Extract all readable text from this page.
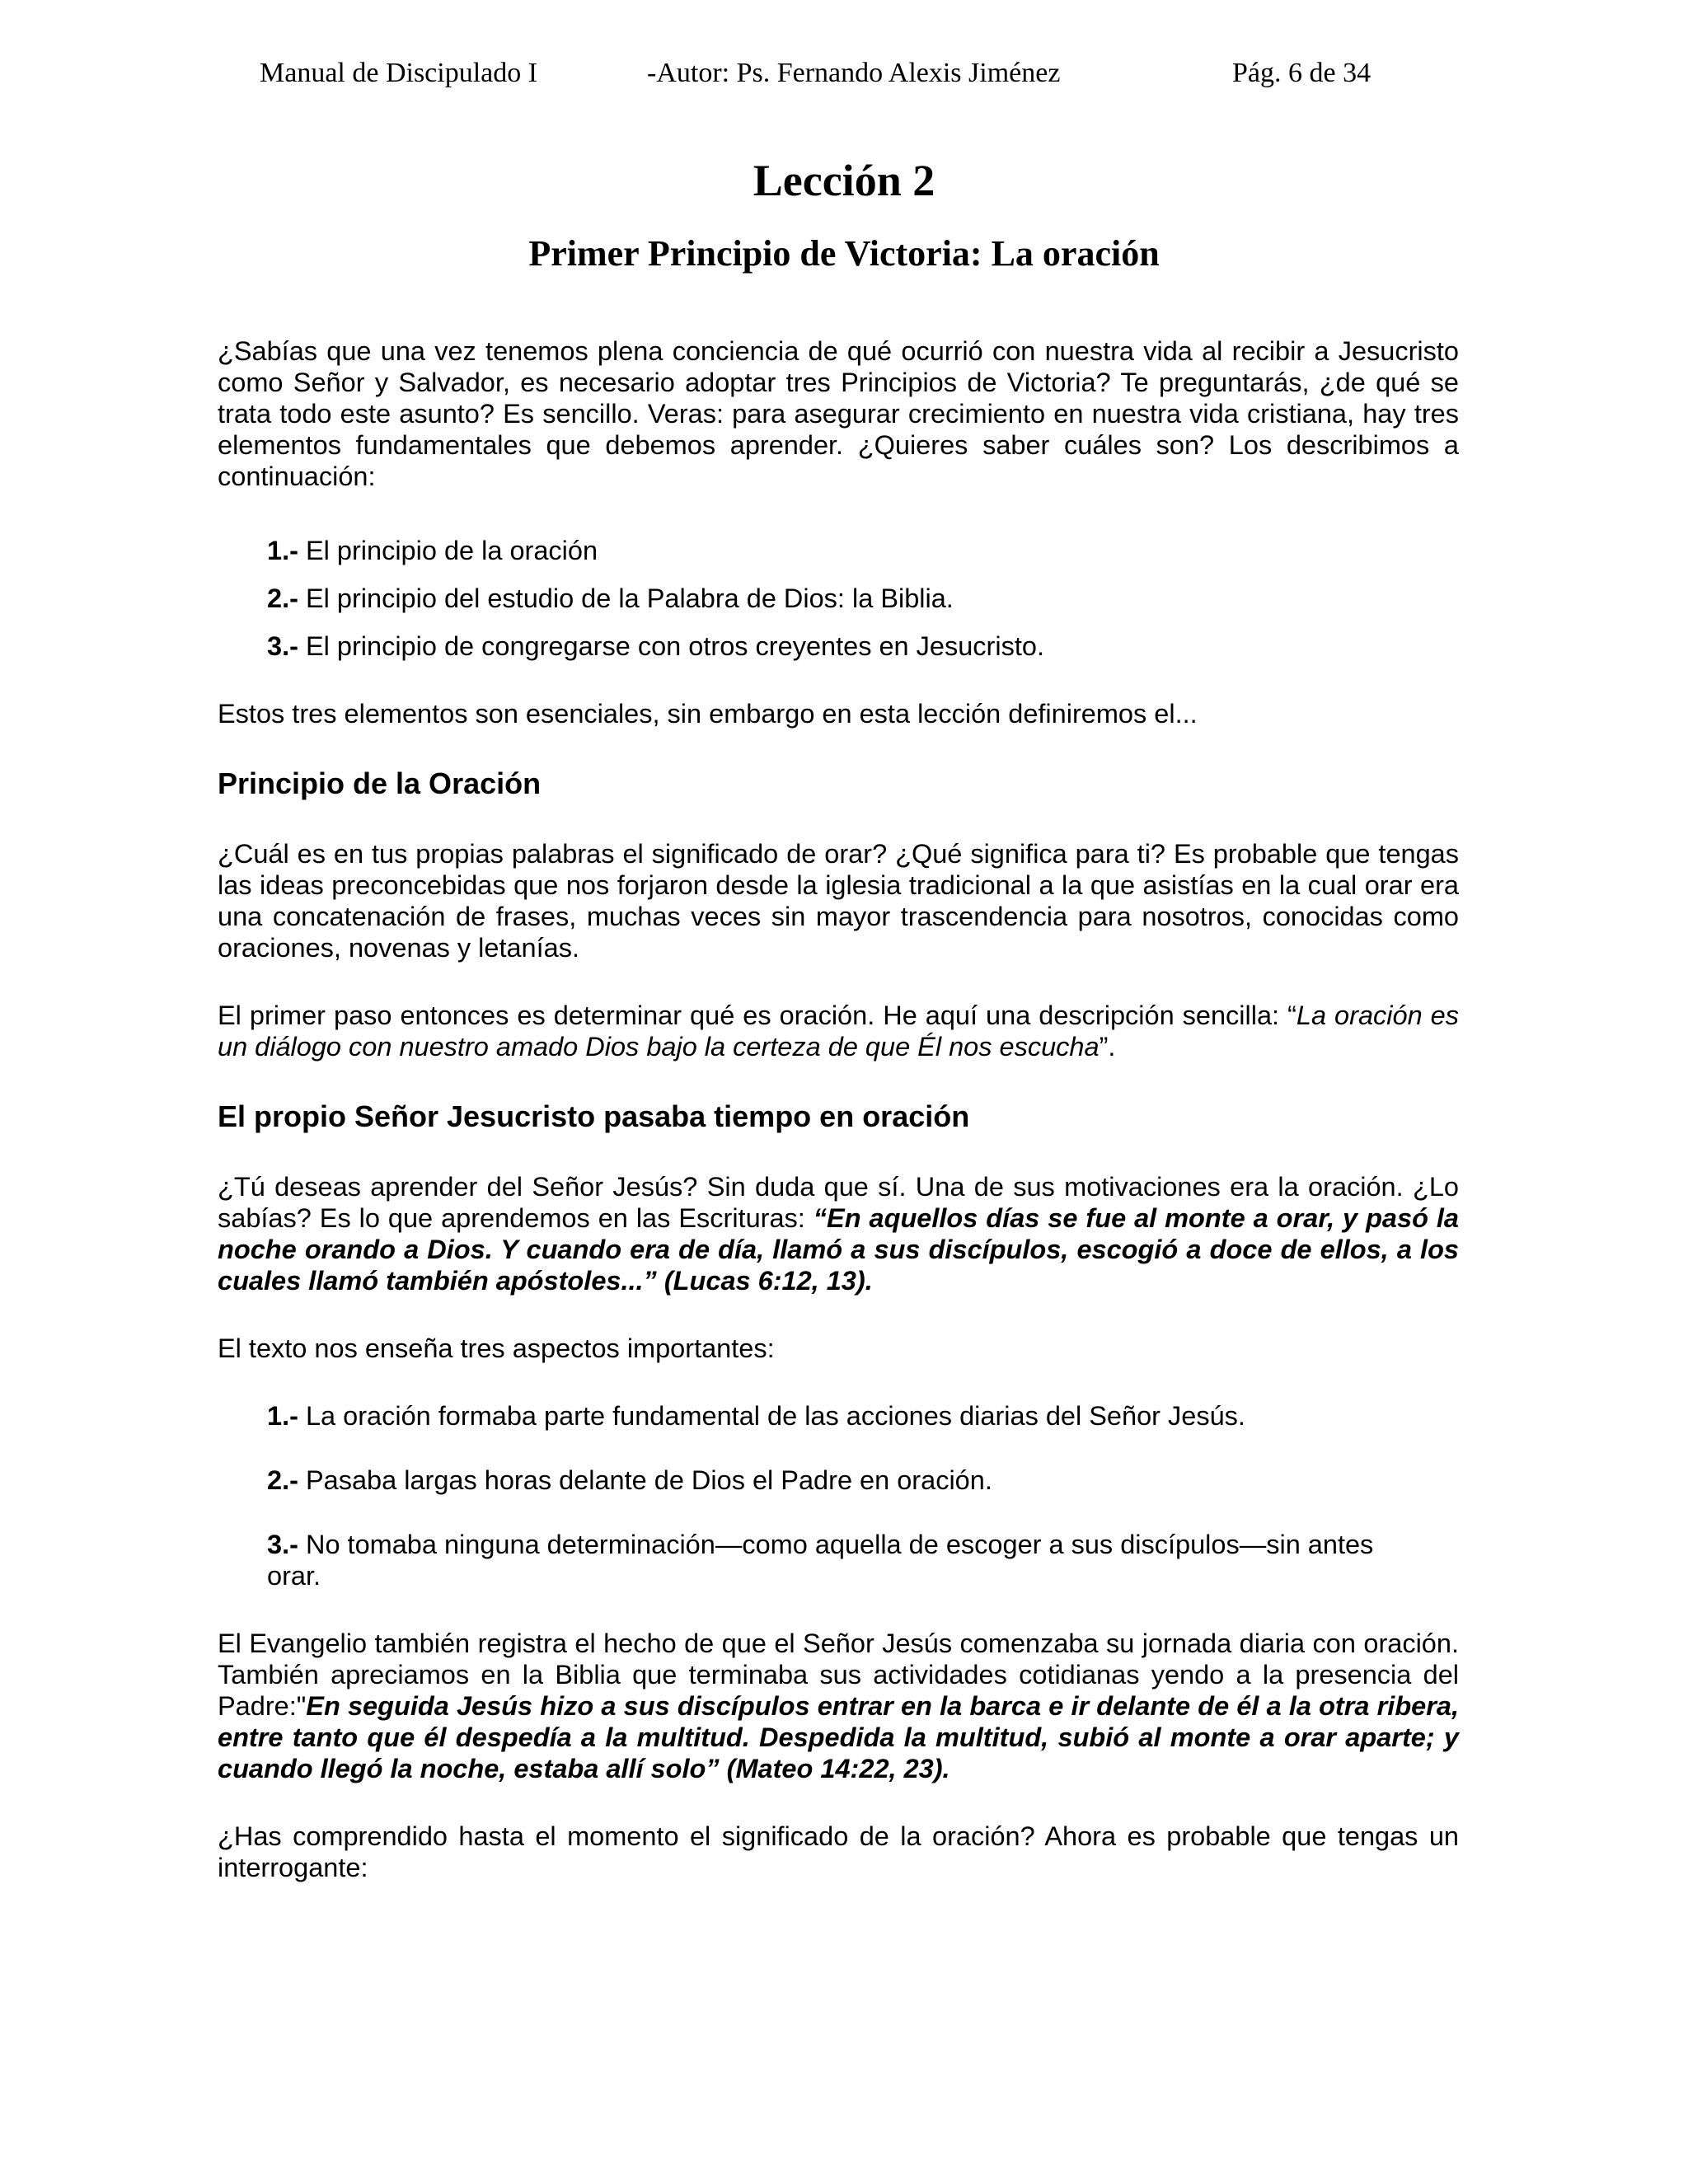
Manual de Discipulado I	-Autor: Ps. Fernando Alexis Jiménez	Pág. 6 de 34
Lección 2
Primer Principio de Victoria: La oración

¿Sabías que una vez tenemos plena conciencia de qué ocurrió con nuestra vida al recibir a Jesucristo como Señor y Salvador, es necesario adoptar tres Principios de Victoria? Te preguntarás, ¿de qué se trata todo este asunto? Es sencillo. Veras: para asegurar crecimiento en nuestra vida cristiana, hay tres elementos fundamentales que debemos aprender. ¿Quieres saber cuáles son? Los describimos a continuación:

1.- El principio de la oración
2.- El principio del estudio de la Palabra de Dios: la Biblia.
3.- El principio de congregarse con otros creyentes en Jesucristo.

Estos tres elementos son esenciales, sin embargo en esta lección definiremos el...

Principio de la Oración

¿Cuál es en tus propias palabras el significado de orar? ¿Qué significa para ti? Es probable que tengas las ideas preconcebidas que nos forjaron desde la iglesia tradicional a la que asistías en la cual orar era una concatenación de frases, muchas veces sin mayor trascendencia para nosotros, conocidas como oraciones, novenas y letanías.

El primer paso entonces es determinar qué es oración. He aquí una descripción sencilla: “La oración es un diálogo con nuestro amado Dios bajo la certeza de que Él nos escucha”.

El propio Señor Jesucristo pasaba tiempo en oración

¿Tú deseas aprender del Señor Jesús? Sin duda que sí. Una de sus motivaciones era la oración. ¿Lo sabías? Es lo que aprendemos en las Escrituras: “En aquellos días se fue al monte a orar, y pasó la noche orando a Dios. Y cuando era de día, llamó a sus discípulos, escogió a doce de ellos, a los cuales llamó también apóstoles...” (Lucas 6:12, 13).

El texto nos enseña tres aspectos importantes:

1.- La oración formaba parte fundamental de las acciones diarias del Señor Jesús.
2.- Pasaba largas horas delante de Dios el Padre en oración.
3.- No tomaba ninguna determinación—como aquella de escoger a sus discípulos—sin antes orar.

El Evangelio también registra el hecho de que el Señor Jesús comenzaba su jornada diaria con oración. También apreciamos en la Biblia que terminaba sus actividades cotidianas yendo a la presencia del Padre:"En seguida Jesús hizo a sus discípulos entrar en la barca e ir delante de él a la otra ribera, entre tanto que él despedía a la multitud. Despedida la multitud, subió al monte a orar aparte; y cuando llegó la noche, estaba allí solo” (Mateo 14:22, 23).

¿Has comprendido hasta el momento el significado de la oración? Ahora es probable que tengas un interrogante:
